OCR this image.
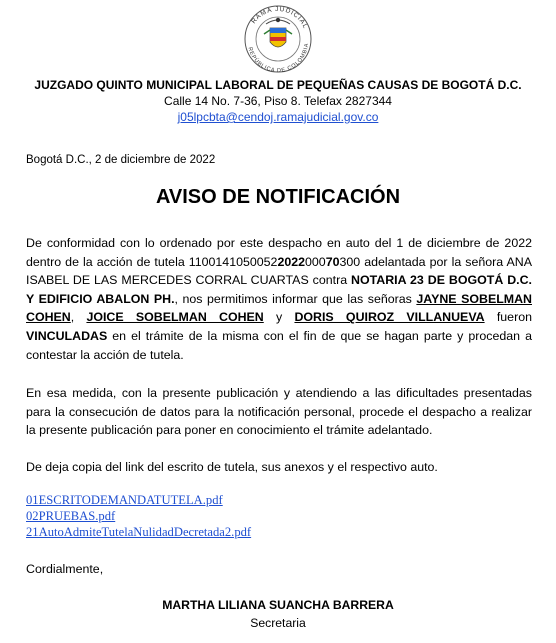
RAMA JUDICIAL
REPÚBLICA DE COLOMBIA
JUZGADO QUINTO MUNICIPAL LABORAL DE PEQUEÑAS CAUSAS DE BOGOTÁ D.C.
Calle 14 No. 7-36, Piso 8. Telefax 2827344
j05lpcbta@cendoj.ramajudicial.gov.co
Bogotá D.C., 2 de diciembre de 2022
AVISO DE NOTIFICACIÓN
De conformidad con lo ordenado por este despacho en auto del 1 de diciembre de 2022 dentro de la acción de tutela 1100141050052202200070300 adelantada por la señora ANA ISABEL DE LAS MERCEDES CORRAL CUARTAS contra NOTARIA 23 DE BOGOTÁ D.C. Y EDIFICIO ABALON PH., nos permitimos informar que las señoras JAYNE SOBELMAN COHEN, JOICE SOBELMAN COHEN y DORIS QUIROZ VILLANUEVA fueron VINCULADAS en el trámite de la misma con el fin de que se hagan parte y procedan a contestar la acción de tutela.
En esa medida, con la presente publicación y atendiendo a las dificultades presentadas para la consecución de datos para la notificación personal, procede el despacho a realizar la presente publicación para poner en conocimiento el trámite adelantado.
De deja copia del link del escrito de tutela, sus anexos y el respectivo auto.
01ESCRITODEMANDATUTELA.pdf
02PRUEBAS.pdf
21AutoAdmiteTutelaNulidadDecretada2.pdf
Cordialmente,
MARTHA LILIANA SUANCHA BARRERA
Secretaria
